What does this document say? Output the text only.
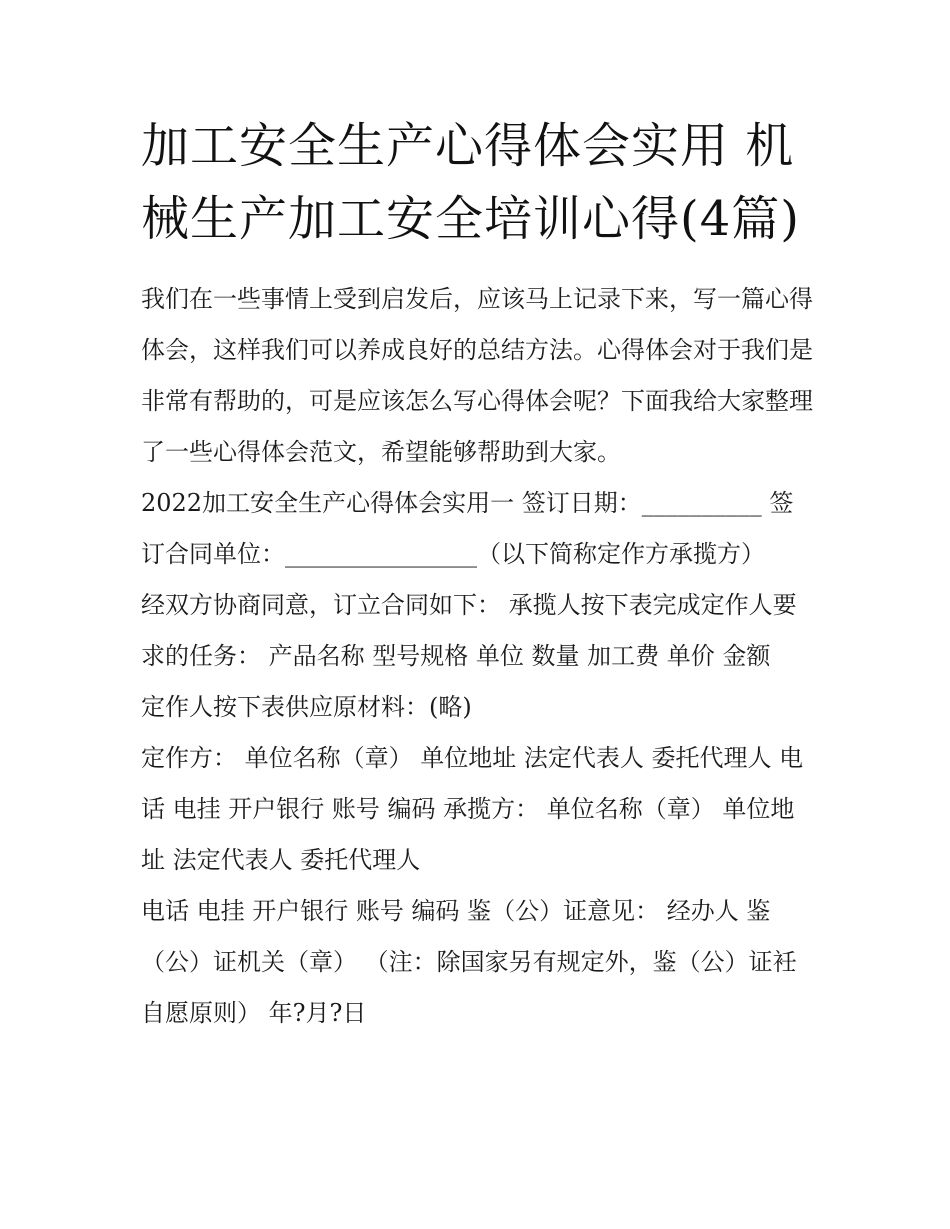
加工安全生产心得体会实用 机械生产加工安全培训心得(4篇)

我们在一些事情上受到启发后，应该马上记录下来，写一篇心得体会，这样我们可以养成良好的总结方法。心得体会对于我们是非常有帮助的，可是应该怎么写心得体会呢？下面我给大家整理了一些心得体会范文，希望能够帮助到大家。

2022加工安全生产心得体会实用一 签订日期：__________ 签订合同单位：________________（以下简称定作方承揽方）

经双方协商同意，订立合同如下： 承揽人按下表完成定作人要求的任务： 产品名称 型号规格 单位 数量 加工费 单价 金额

定作人按下表供应原材料：(略)

定作方： 单位名称（章） 单位地址 法定代表人 委托代理人 电话 电挂 开户银行 账号 编码 承揽方： 单位名称（章） 单位地址 法定代表人 委托代理人

电话 电挂 开户银行 账号 编码 鉴（公）证意见： 经办人 鉴（公）证机关（章） （注：除国家另有规定外，鉴（公）证衽自愿原则） 年?月?日
